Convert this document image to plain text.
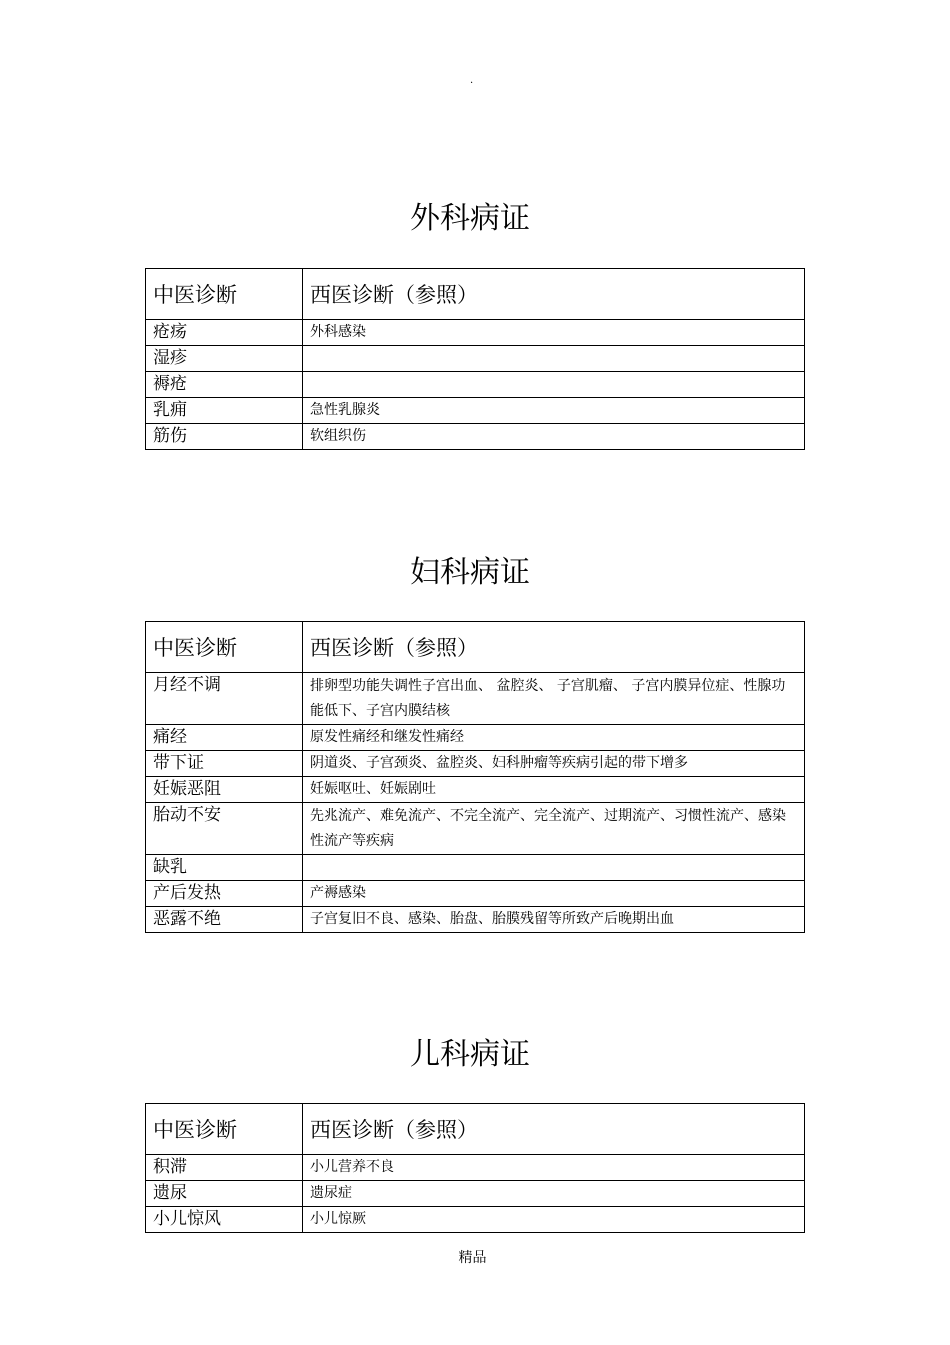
.
外科病证
中医诊断	西医诊断（参照）
疮疡	外科感染
湿疹	
褥疮	
乳痈	急性乳腺炎
筋伤	软组织伤
妇科病证
中医诊断	西医诊断（参照）
月经不调	排卵型功能失调性子宫出血、 盆腔炎、 子宫肌瘤、 子宫内膜异位症、性腺功能低下、子宫内膜结核
痛经	原发性痛经和继发性痛经
带下证	阴道炎、子宫颈炎、盆腔炎、妇科肿瘤等疾病引起的带下增多
妊娠恶阻	妊娠呕吐、妊娠剧吐
胎动不安	先兆流产、难免流产、不完全流产、完全流产、过期流产、习惯性流产、感染性流产等疾病
缺乳	
产后发热	产褥感染
恶露不绝	子宫复旧不良、感染、胎盘、胎膜残留等所致产后晚期出血
儿科病证
中医诊断	西医诊断（参照）
积滞	小儿营养不良
遗尿	遗尿症
小儿惊风	小儿惊厥
精品
